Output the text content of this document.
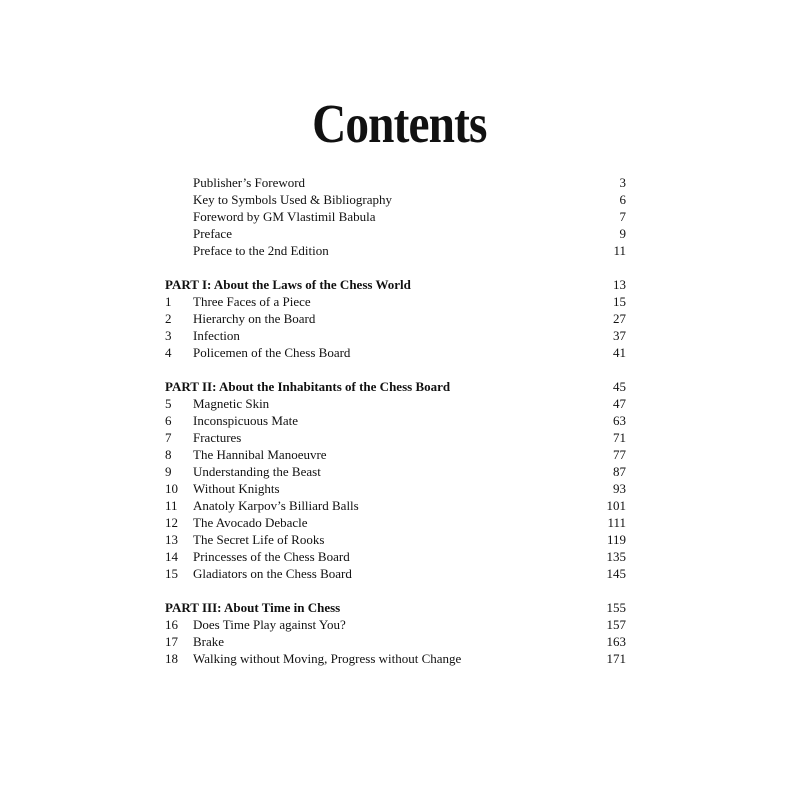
Contents
Publisher’s Foreword	3
Key to Symbols Used & Bibliography	6
Foreword by GM Vlastimil Babula	7
Preface	9
Preface to the 2nd Edition	11
PART I: About the Laws of the Chess World	13
1	Three Faces of a Piece	15
2	Hierarchy on the Board	27
3	Infection	37
4	Policemen of the Chess Board	41
PART II: About the Inhabitants of the Chess Board	45
5	Magnetic Skin	47
6	Inconspicuous Mate	63
7	Fractures	71
8	The Hannibal Manoeuvre	77
9	Understanding the Beast	87
10	Without Knights	93
11	Anatoly Karpov’s Billiard Balls	101
12	The Avocado Debacle	111
13	The Secret Life of Rooks	119
14	Princesses of the Chess Board	135
15	Gladiators on the Chess Board	145
PART III: About Time in Chess	155
16	Does Time Play against You?	157
17	Brake	163
18	Walking without Moving, Progress without Change	171
